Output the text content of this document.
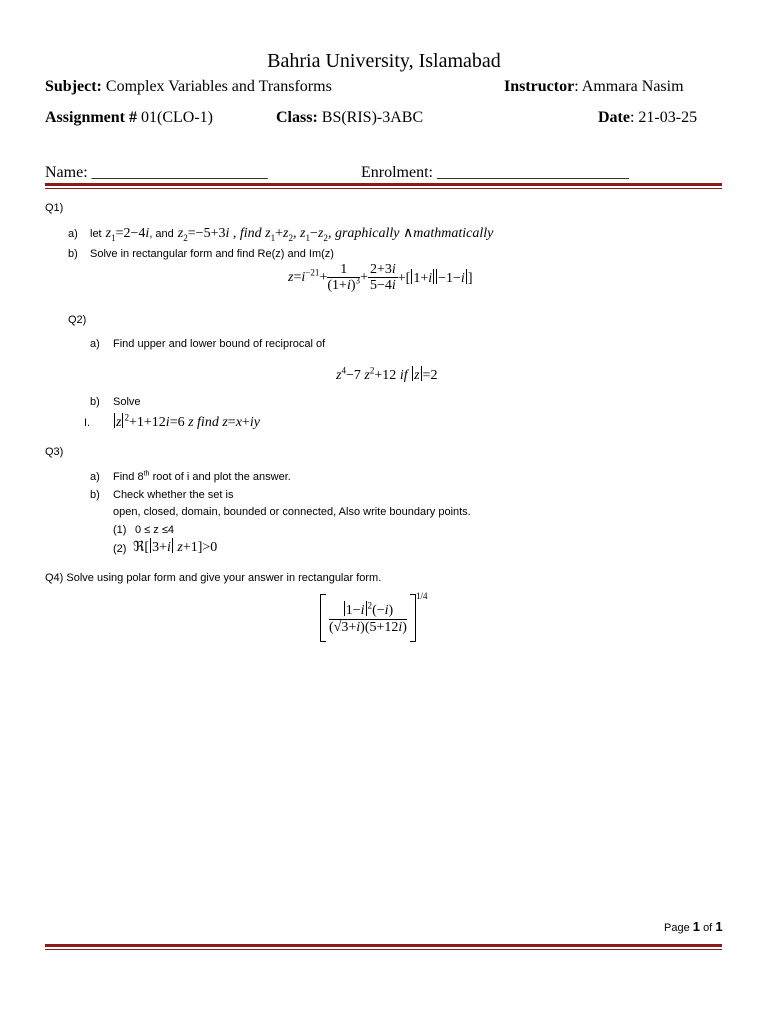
Bahria University, Islamabad
Subject: Complex Variables and Transforms	Instructor: Ammara Nasim
Assignment # 01(CLO-1)	Class: BS(RIS)-3ABC	Date: 21-03-25
Name: ______________________	Enrolment: ________________________
Q1)
a) let $z_1=2-4i$, and $z_2=-5+3i$ , find $z_1+z_2$, $z_1-z_2$, graphically ∧mathmatically
b) Solve in rectangular form and find Re(z) and Im(z)
$z=i^{-21}+ \frac{1}{(1+i)^3} + \frac{2+3i}{5-4i}$ +[ 1+i −1−i ]
Q2)
a) Find upper and lower bound of reciprocal of
$z^4-7$ $z^2+12$ if z =2
b) Solve
I. z $^2$+1+12i=6 z find z=x+iy
Q3)
a) Find 8th root of i and plot the answer.
b) Check whether the set is
open, closed, domain, bounded or connected, Also write boundary points.
(1) 0 ≤ z ≤4
(2) ℜ[ 3+i z+1]>0
Q4) Solve using polar form and give your answer in rectangular form.
$\frac{1-i ^2(-i)}{(√3+i)(5+12i)}$
$^{1/4}$
Page 1 of 1
